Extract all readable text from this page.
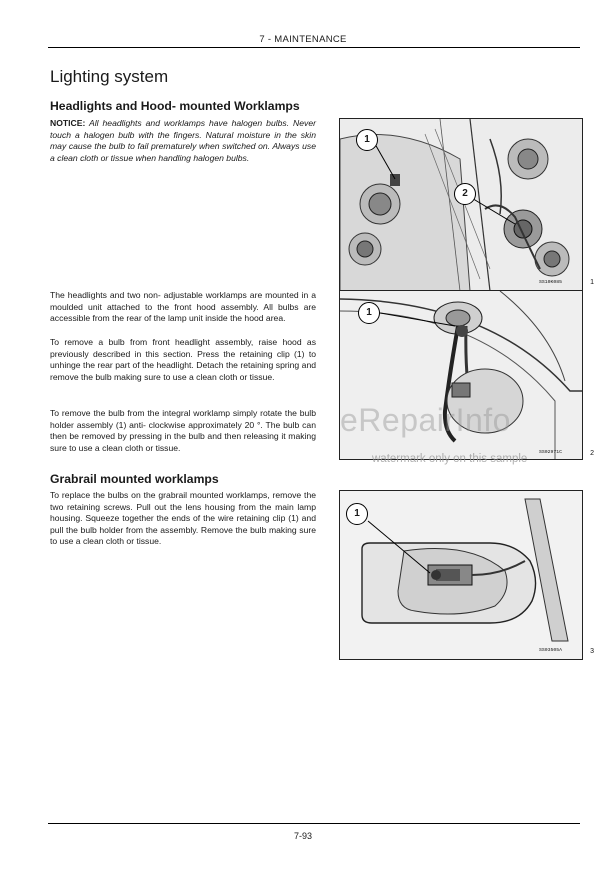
7 - MAINTENANCE
Lighting system
Headlights and Hood- mounted Worklamps

NOTICE: All headlights and worklamps have halogen bulbs. Never touch a halogen bulb with the fingers. Natural moisture in the skin may cause the bulb to fail prematurely when switched on. Always use a clean cloth or tissue when handling halogen bulbs.

The headlights and two non- adjustable worklamps are mounted in a moulded unit attached to the front hood assembly. All bulbs are accessible from the rear of the lamp unit inside the hood area.

To remove a bulb from front headlight assembly, raise hood as previously described in this section. Press the retaining clip (1) to unhinge the rear part of the headlight. Detach the retaining spring and remove the bulb making sure to use a clean cloth or tissue.

To remove the bulb from the integral worklamp simply rotate the bulb holder assembly (1) anti- clockwise approximately 20 °. The bulb can then be removed by pressing in the bulb and then releasing it making sure to use a clean cloth or tissue.

Grabrail mounted worklamps

To replace the bulbs on the grabrail mounted worklamps, remove the two retaining screws. Pull out the lens housing from the main lamp housing. Squeeze together the ends of the wire retaining clip (1) and pull the bulb holder from the assembly. Remove the bulb making sure to use a clean cloth or tissue.

1
2
SS10K085	1
1
SS02971C	2
1
SS03505A	3
eRepairInfo
watermark only on this sample
7-93
